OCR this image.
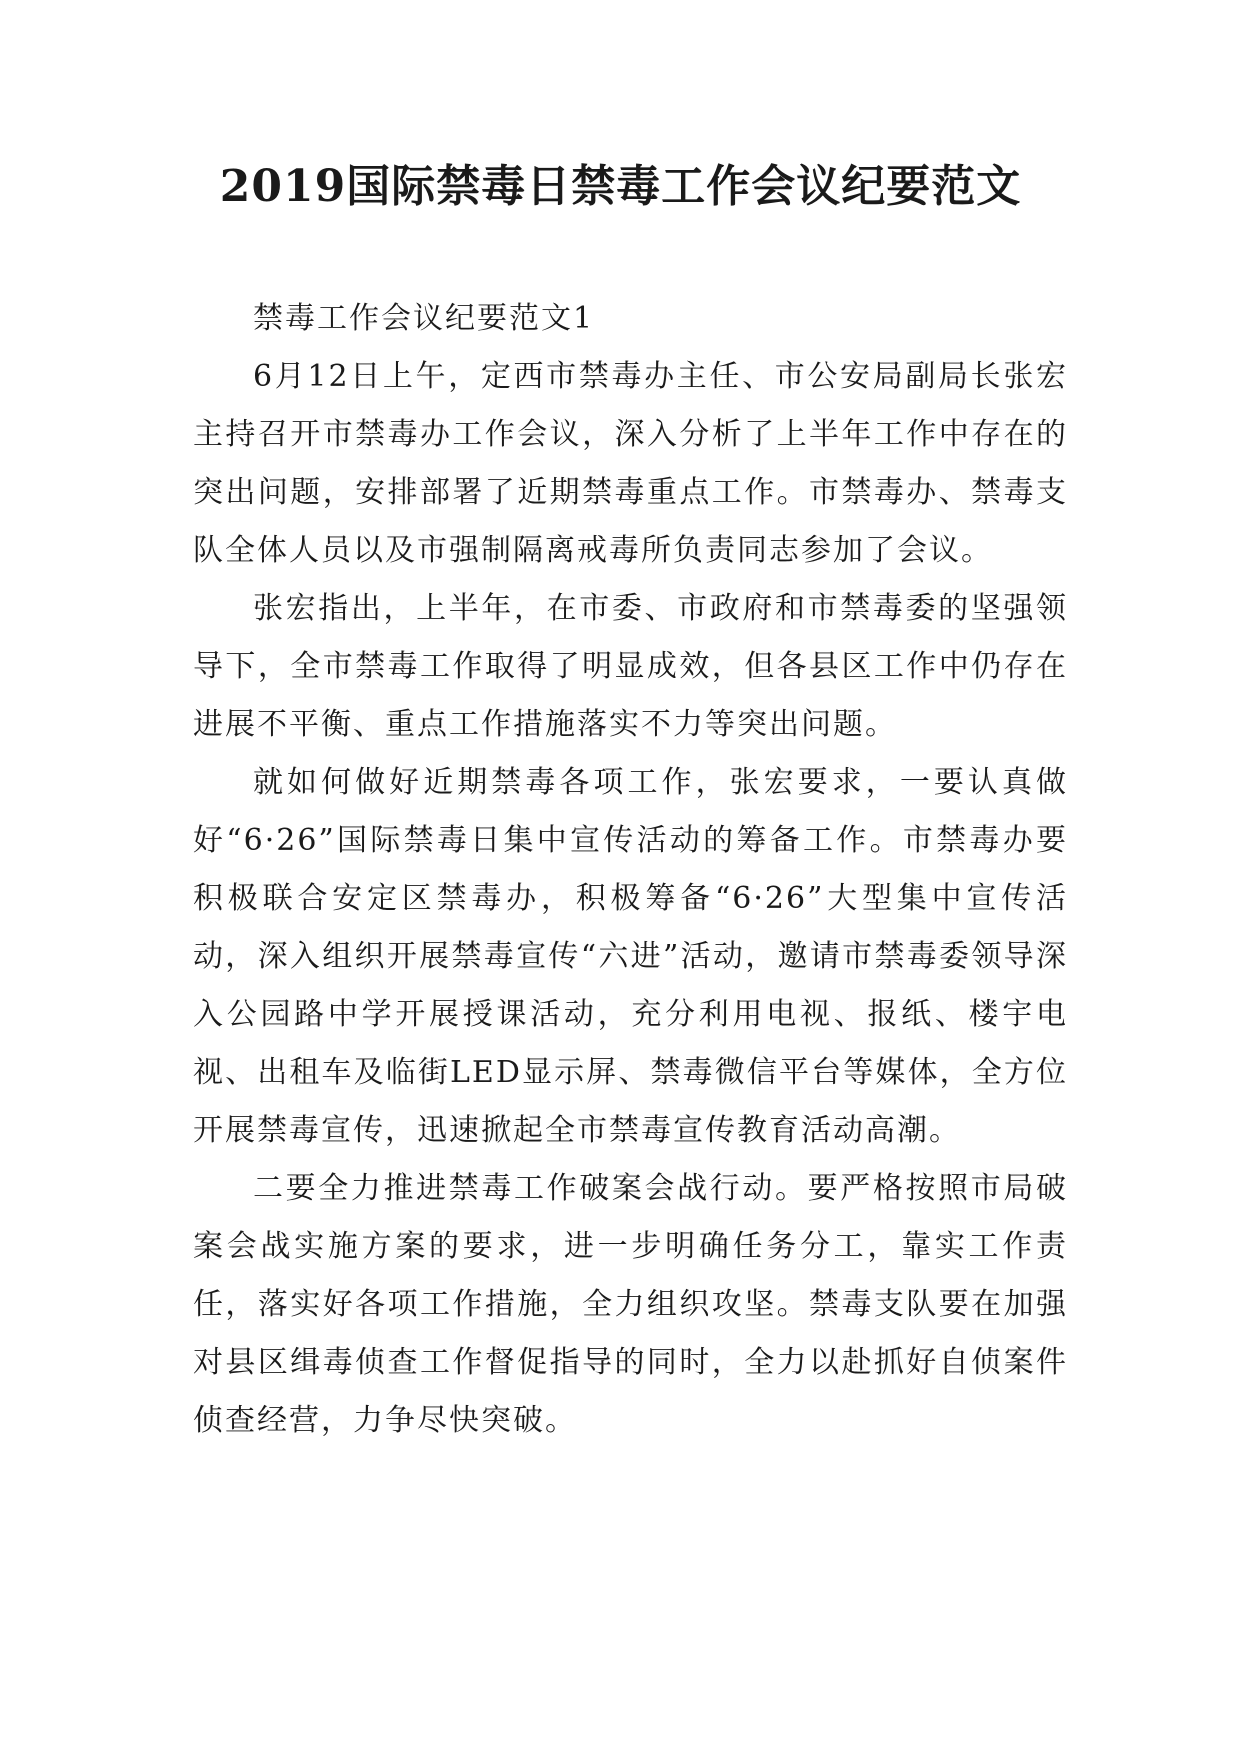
2019国际禁毒日禁毒工作会议纪要范文

禁毒工作会议纪要范文1

6月12日上午，定西市禁毒办主任、市公安局副局长张宏主持召开市禁毒办工作会议，深入分析了上半年工作中存在的突出问题，安排部署了近期禁毒重点工作。市禁毒办、禁毒支队全体人员以及市强制隔离戒毒所负责同志参加了会议。

张宏指出，上半年，在市委、市政府和市禁毒委的坚强领导下，全市禁毒工作取得了明显成效，但各县区工作中仍存在进展不平衡、重点工作措施落实不力等突出问题。

就如何做好近期禁毒各项工作，张宏要求，一要认真做好“6·26”国际禁毒日集中宣传活动的筹备工作。市禁毒办要积极联合安定区禁毒办，积极筹备“6·26”大型集中宣传活动，深入组织开展禁毒宣传“六进”活动，邀请市禁毒委领导深入公园路中学开展授课活动，充分利用电视、报纸、楼宇电视、出租车及临街LED显示屏、禁毒微信平台等媒体，全方位开展禁毒宣传，迅速掀起全市禁毒宣传教育活动高潮。

二要全力推进禁毒工作破案会战行动。要严格按照市局破案会战实施方案的要求，进一步明确任务分工，靠实工作责任，落实好各项工作措施，全力组织攻坚。禁毒支队要在加强对县区缉毒侦查工作督促指导的同时，全力以赴抓好自侦案件侦查经营，力争尽快突破。
